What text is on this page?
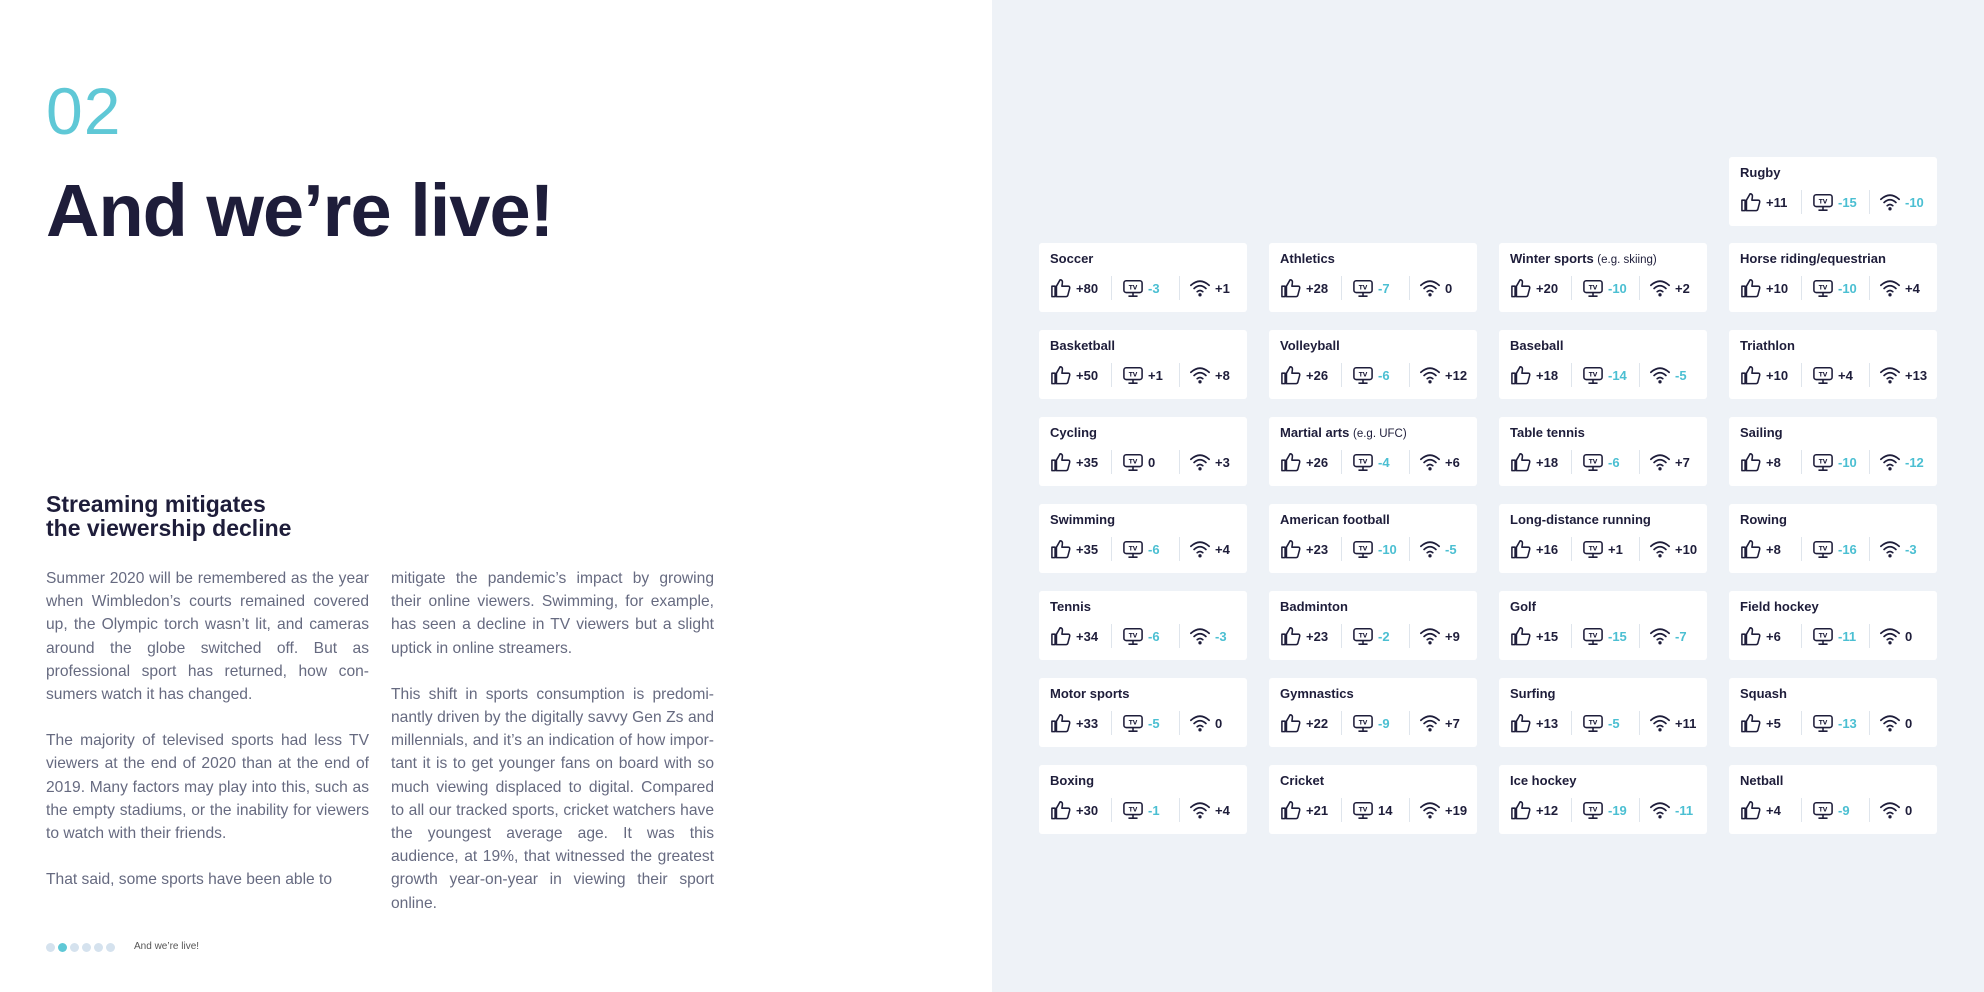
02
And we’re live!
Streaming mitigates
the viewership decline

Summer 2020 will be remembered as the year when Wimbledon’s courts remained covered up, the Olympic torch wasn’t lit, and cameras around the globe switched off. But as professional sport has returned, how con-sumers watch it has changed.

The majority of televised sports had less TV viewers at the end of 2020 than at the end of 2019. Many factors may play into this, such as the empty stadiums, or the inability for viewers to watch with their friends.

That said, some sports have been able to

mitigate the pandemic’s impact by growing their online viewers. Swimming, for example, has seen a decline in TV viewers but a slight uptick in online streamers.

This shift in sports consumption is predomi-nantly driven by the digitally savvy Gen Zs and millennials, and it’s an indication of how impor-tant it is to get younger fans on board with so much viewing displaced to digital. Compared to all our tracked sports, cricket watchers have the youngest average age. It was this audience, at 19%, that witnessed the greatest growth year-on-year in viewing their sport online.

And we’re live!
Soccer
+80	TV -3	+1
Athletics
+28	TV -7	0
Winter sports (e.g. skiing)
+20	TV -10	+2
Horse riding/equestrian
+10	TV -10	+4
Basketball
+50	TV +1	+8
Volleyball
+26	TV -6	+12
Baseball
+18	TV -14	-5
Triathlon
+10	TV +4	+13
Cycling
+35	TV 0	+3
Martial arts (e.g. UFC)
+26	TV -4	+6
Table tennis
+18	TV -6	+7
Sailing
+8	TV -10	-12
Swimming
+35	TV -6	+4
American football
+23	TV -10	-5
Long-distance running
+16	TV +1	+10
Rowing
+8	TV -16	-3
Tennis
+34	TV -6	-3
Badminton
+23	TV -2	+9
Golf
+15	TV -15	-7
Field hockey
+6	TV -11	0
Motor sports
+33	TV -5	0
Gymnastics
+22	TV -9	+7
Surfing
+13	TV -5	+11
Squash
+5	TV -13	0
Boxing
+30	TV -1	+4
Cricket
+21	TV 14	+19
Ice hockey
+12	TV -19	-11
Netball
+4	TV -9	0
Rugby
+11	TV -15	-10
